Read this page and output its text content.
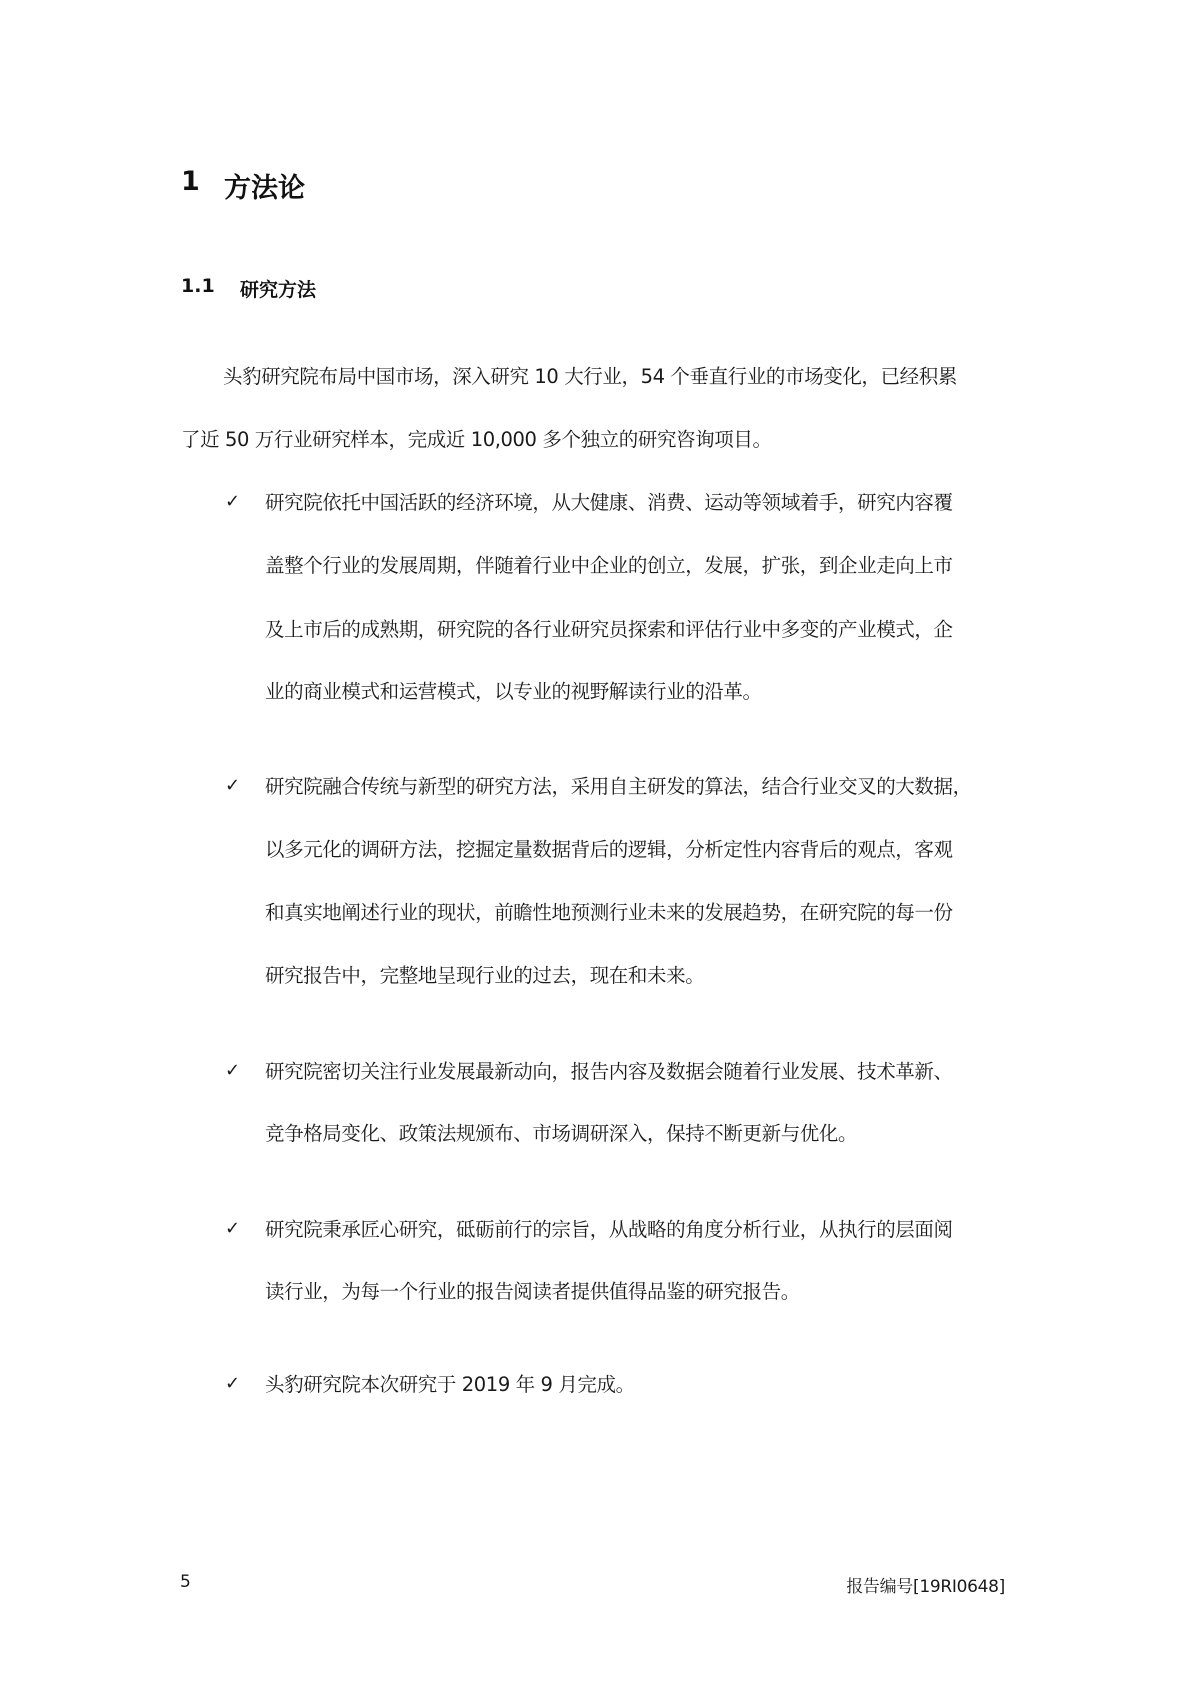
1 方法论
1.1 研究方法
头豹研究院布局中国市场，深入研究 10 大行业，54 个垂直行业的市场变化，已经积累
了近 50 万行业研究样本，完成近 10,000 多个独立的研究咨询项目。
✓ 研究院依托中国活跃的经济环境，从大健康、消费、运动等领域着手，研究内容覆
盖整个行业的发展周期，伴随着行业中企业的创立，发展，扩张，到企业走向上市
及上市后的成熟期，研究院的各行业研究员探索和评估行业中多变的产业模式，企
业的商业模式和运营模式，以专业的视野解读行业的沿革。
✓ 研究院融合传统与新型的研究方法，采用自主研发的算法，结合行业交叉的大数据，
以多元化的调研方法，挖掘定量数据背后的逻辑，分析定性内容背后的观点，客观
和真实地阐述行业的现状，前瞻性地预测行业未来的发展趋势，在研究院的每一份
研究报告中，完整地呈现行业的过去，现在和未来。
✓ 研究院密切关注行业发展最新动向，报告内容及数据会随着行业发展、技术革新、
竞争格局变化、政策法规颁布、市场调研深入，保持不断更新与优化。
✓ 研究院秉承匠心研究，砥砺前行的宗旨，从战略的角度分析行业，从执行的层面阅
读行业，为每一个行业的报告阅读者提供值得品鉴的研究报告。
✓ 头豹研究院本次研究于 2019 年 9 月完成。
5	报告编号[19RI0648]
